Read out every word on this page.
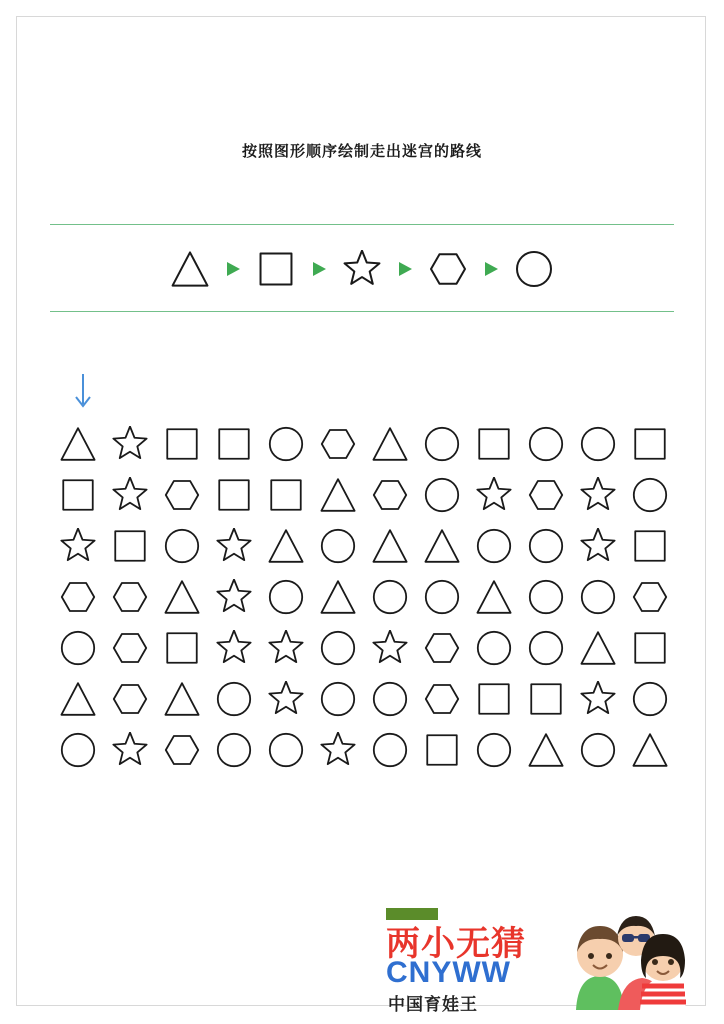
按照图形顺序绘制走出迷宫的路线
两小无猜
CNYWW
中国育娃王
